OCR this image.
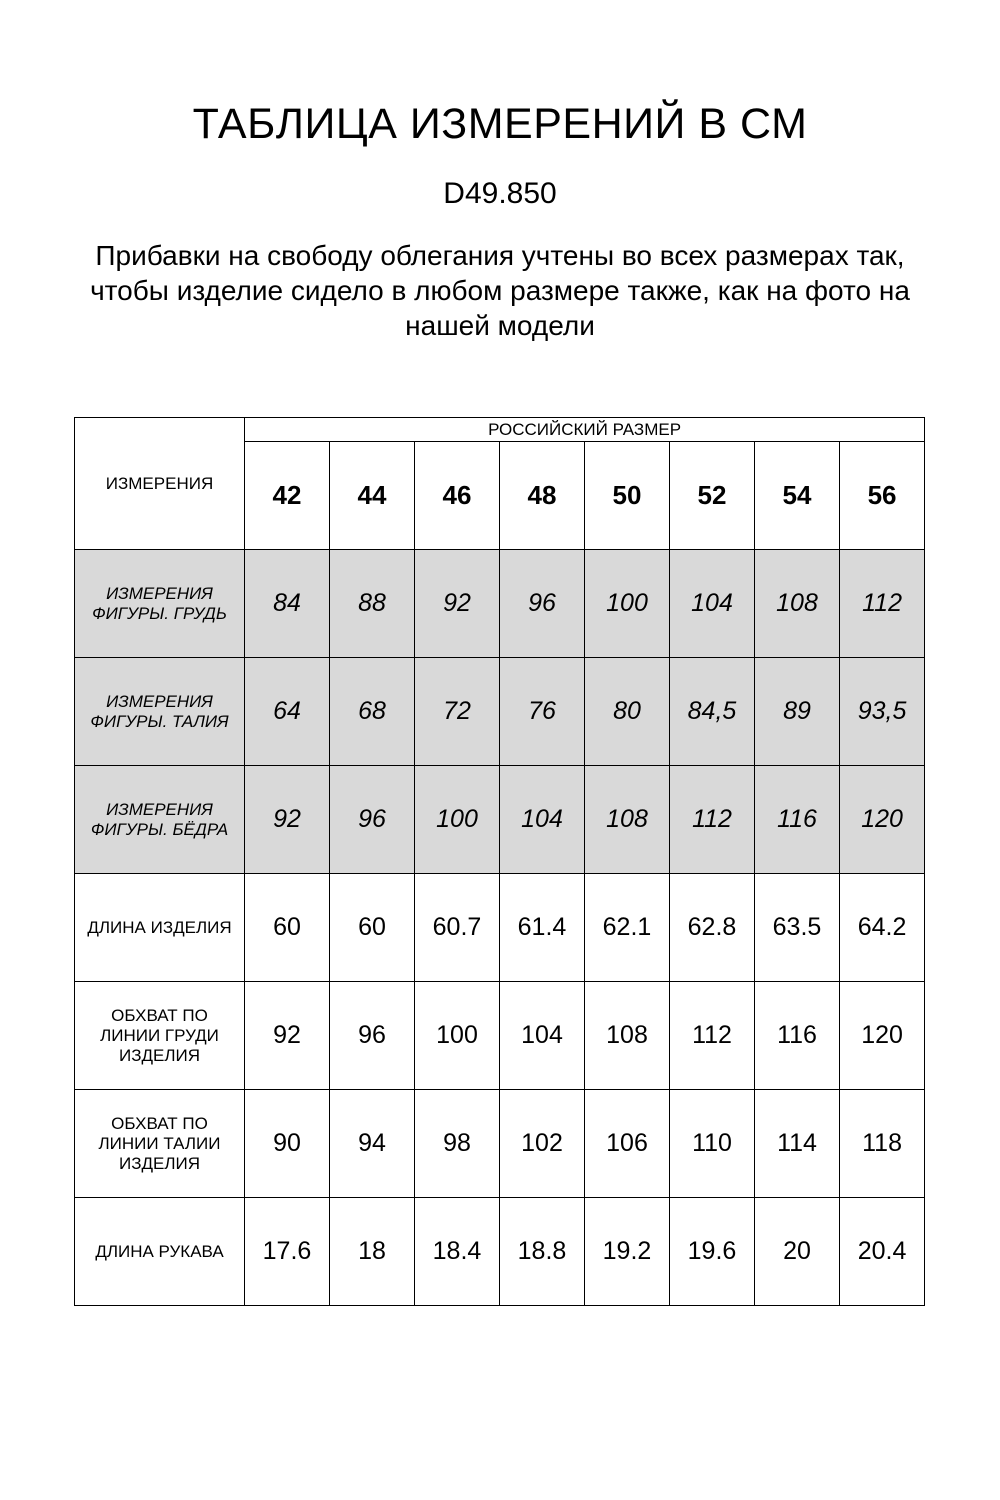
ТАБЛИЦА ИЗМЕРЕНИЙ В СМ
D49.850
Прибавки на свободу облегания учтены во всех размерах так, чтобы изделие сидело в любом размере также, как на фото на нашей модели
ИЗМЕРЕНИЯ	РОССИЙСКИЙ РАЗМЕР							
	42	44	46	48	50	52	54	56
ИЗМЕРЕНИЯ
ФИГУРЫ. ГРУДЬ	84	88	92	96	100	104	108	112
ИЗМЕРЕНИЯ
ФИГУРЫ. ТАЛИЯ	64	68	72	76	80	84,5	89	93,5
ИЗМЕРЕНИЯ
ФИГУРЫ. БЁДРА	92	96	100	104	108	112	116	120
ДЛИНА ИЗДЕЛИЯ	60	60	60.7	61.4	62.1	62.8	63.5	64.2
ОБХВАТ ПО
ЛИНИИ ГРУДИ
ИЗДЕЛИЯ	92	96	100	104	108	112	116	120
ОБХВАТ ПО
ЛИНИИ ТАЛИИ
ИЗДЕЛИЯ	90	94	98	102	106	110	114	118
ДЛИНА РУКАВА	17.6	18	18.4	18.8	19.2	19.6	20	20.4
